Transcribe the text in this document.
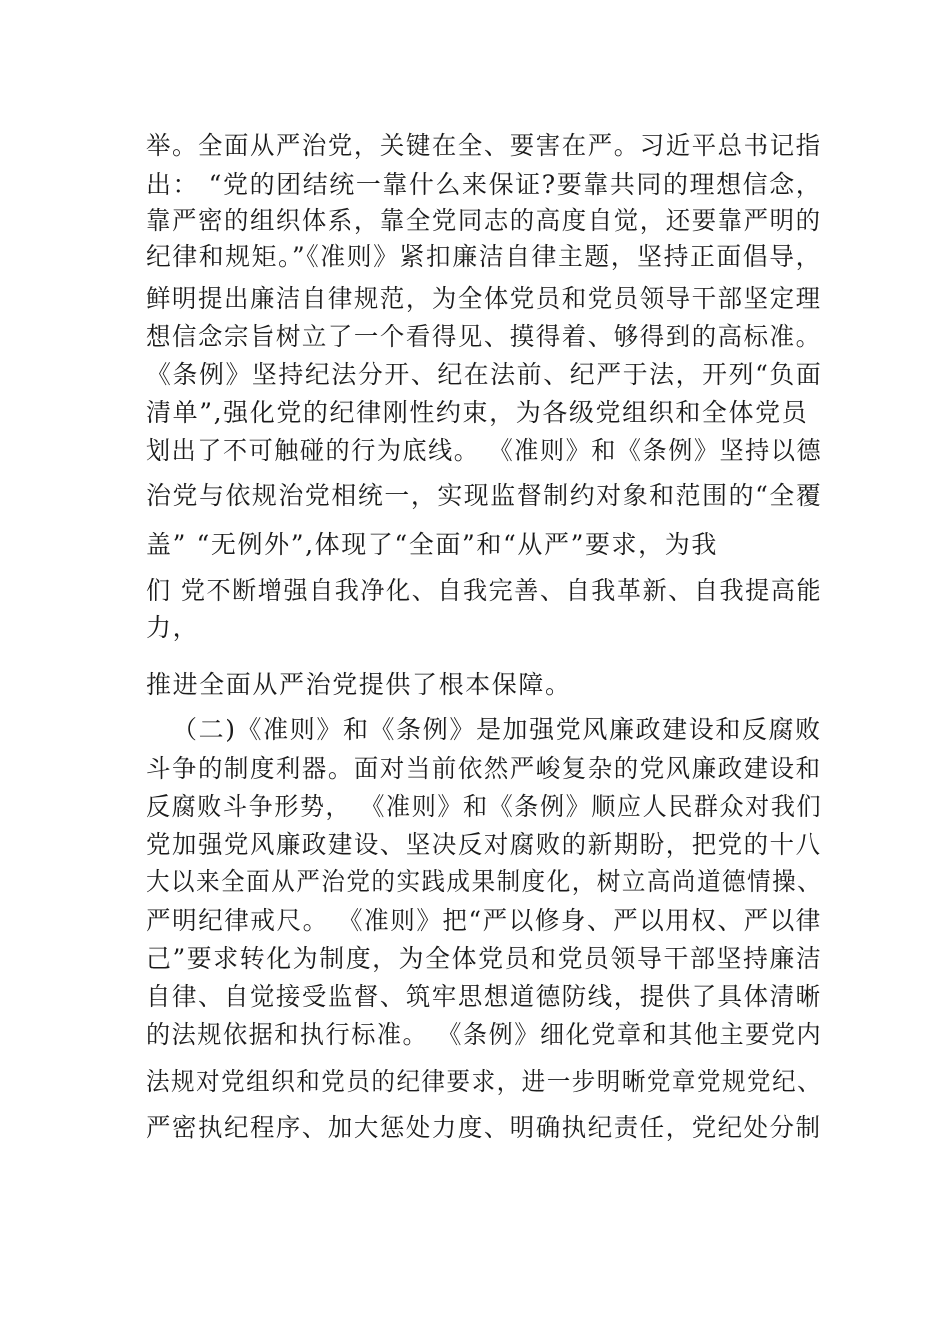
举。全面从严治党，关键在全、要害在严。习近平总书记指
出： “党的团结统一靠什么来保证?要靠共同的理想信念，
靠严密的组织体系，靠全党同志的高度自觉，还要靠严明的
纪律和规矩。”《准则》紧扣廉洁自律主题，坚持正面倡导，
鲜明提出廉洁自律规范，为全体党员和党员领导干部坚定理
想信念宗旨树立了一个看得见、摸得着、够得到的高标准。
《条例》坚持纪法分开、纪在法前、纪严于法，开列“负面
清单”,强化党的纪律刚性约束，为各级党组织和全体党员
划出了不可触碰的行为底线。 《准则》和《条例》坚持以德
治党与依规治党相统一，实现监督制约对象和范围的“全覆
盖” “无例外”,体现了“全面”和“从严”要求，为我
们 党不断增强自我净化、自我完善、自我革新、自我提高能
力，
推进全面从严治党提供了根本保障。
（二)《准则》和《条例》是加强党风廉政建设和反腐败
斗争的制度利器。面对当前依然严峻复杂的党风廉政建设和
反腐败斗争形势， 《准则》和《条例》顺应人民群众对我们
党加强党风廉政建设、坚决反对腐败的新期盼，把党的十八
大以来全面从严治党的实践成果制度化，树立高尚道德情操、
严明纪律戒尺。 《准则》把“严以修身、严以用权、严以律
己”要求转化为制度，为全体党员和党员领导干部坚持廉洁
自律、自觉接受监督、筑牢思想道德防线，提供了具体清晰
的法规依据和执行标准。 《条例》细化党章和其他主要党内
法规对党组织和党员的纪律要求，进一步明晰党章党规党纪、
严密执纪程序、加大惩处力度、明确执纪责任，党纪处分制
